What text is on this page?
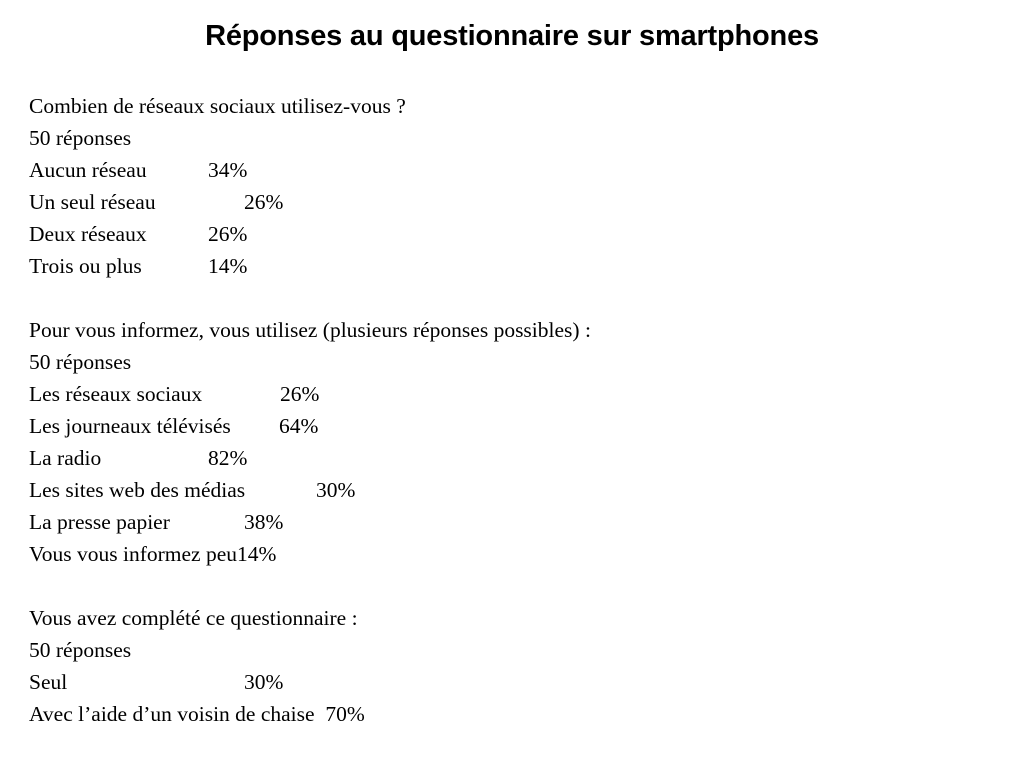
Réponses au questionnaire sur smartphones
Combien de réseaux sociaux utilisez-vous ?
50 réponses
Aucun réseau	34%
Un seul réseau	26%
Deux réseaux	26%
Trois ou plus	14%
Pour vous informez, vous utilisez (plusieurs réponses possibles) :
50 réponses
Les réseaux sociaux	26%
Les journeaux télévisés 64%
La radio	82%
Les sites web des médias	30%
La presse papier	38%
Vous vous informez peu14%
Vous avez complété ce questionnaire :
50 réponses
Seul	30%
Avec l’aide d’un voisin de chaise 70%
